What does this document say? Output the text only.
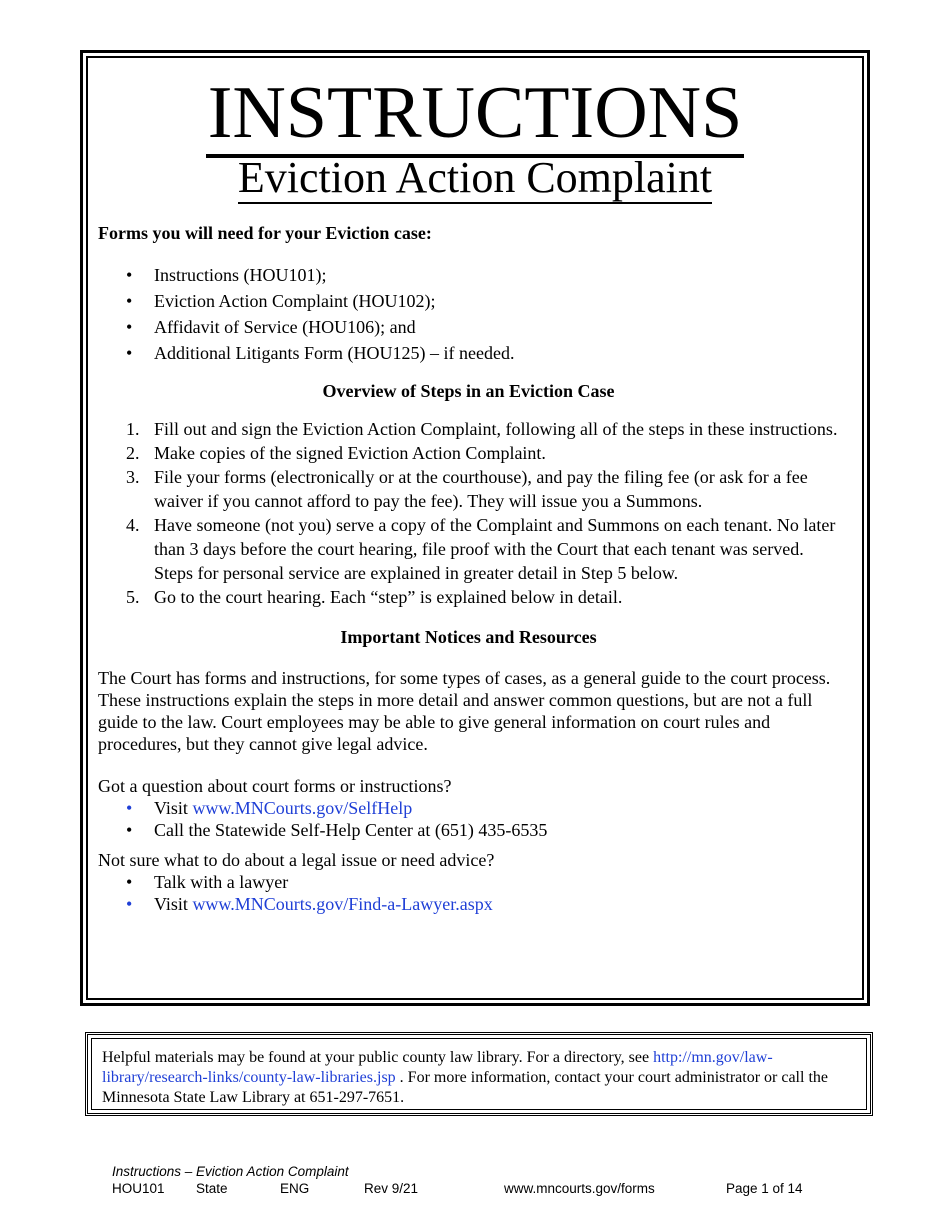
INSTRUCTIONS
Eviction Action Complaint
Forms you will need for your Eviction case:
• Instructions (HOU101);
• Eviction Action Complaint (HOU102);
• Affidavit of Service (HOU106); and
• Additional Litigants Form (HOU125) – if needed.
Overview of Steps in an Eviction Case
1. Fill out and sign the Eviction Action Complaint, following all of the steps in these instructions.
2. Make copies of the signed Eviction Action Complaint.
3. File your forms (electronically or at the courthouse), and pay the filing fee (or ask for a fee waiver if you cannot afford to pay the fee). They will issue you a Summons.
4. Have someone (not you) serve a copy of the Complaint and Summons on each tenant. No later than 3 days before the court hearing, file proof with the Court that each tenant was served. Steps for personal service are explained in greater detail in Step 5 below.
5. Go to the court hearing. Each “step” is explained below in detail.
Important Notices and Resources
The Court has forms and instructions, for some types of cases, as a general guide to the court process. These instructions explain the steps in more detail and answer common questions, but are not a full guide to the law. Court employees may be able to give general information on court rules and procedures, but they cannot give legal advice.
Got a question about court forms or instructions?
• Visit www.MNCourts.gov/SelfHelp
• Call the Statewide Self-Help Center at (651) 435-6535
Not sure what to do about a legal issue or need advice?
• Talk with a lawyer
• Visit www.MNCourts.gov/Find-a-Lawyer.aspx
Helpful materials may be found at your public county law library. For a directory, see http://mn.gov/law-library/research-links/county-law-libraries.jsp . For more information, contact your court administrator or call the Minnesota State Law Library at 651-297-7651.
Instructions – Eviction Action Complaint
HOU101 State	ENG	Rev 9/21	www.mncourts.gov/forms	Page 1 of 14
